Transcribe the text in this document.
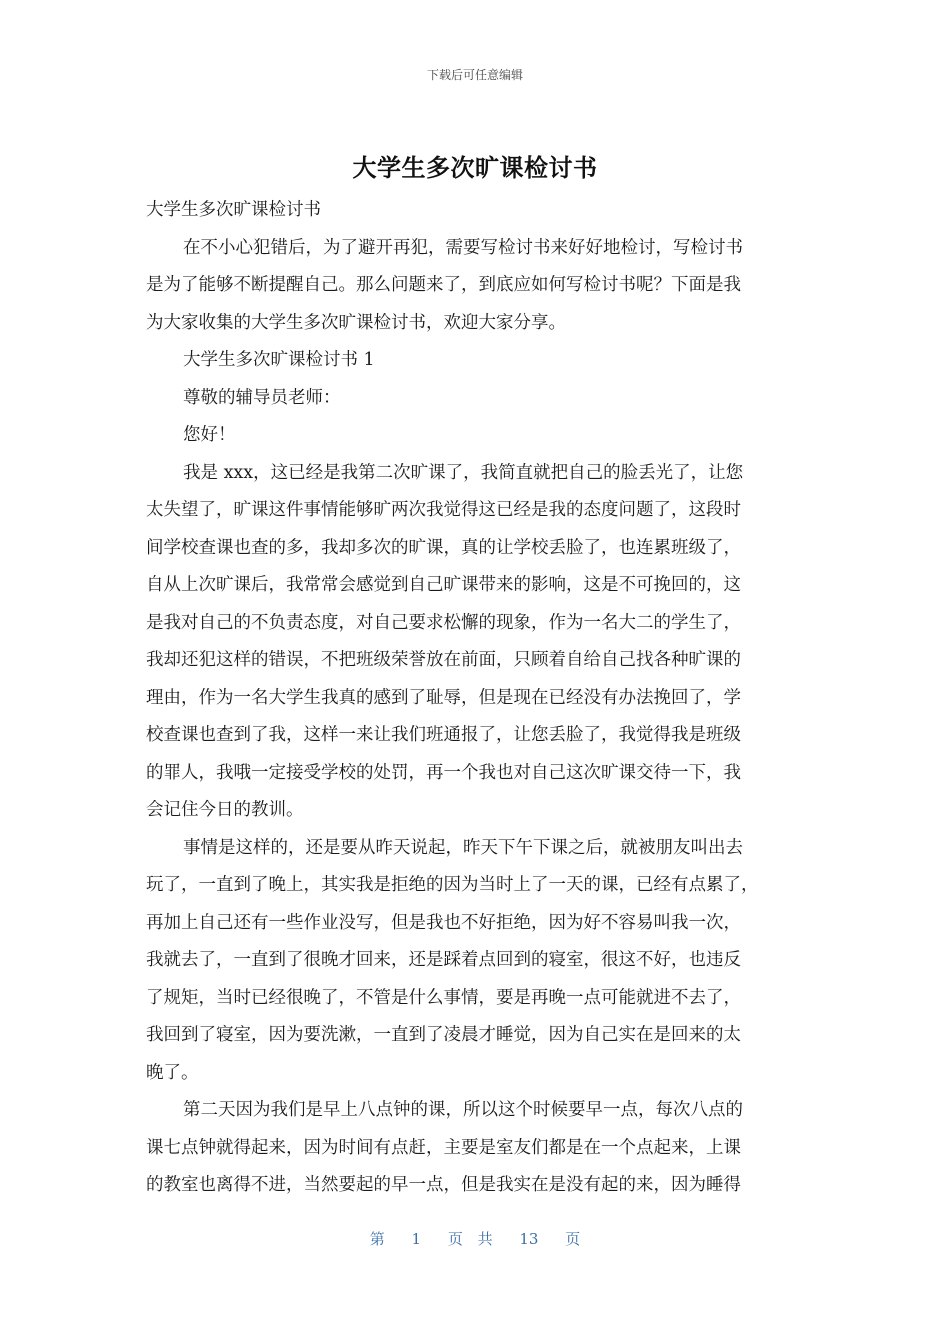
下载后可任意编辑
大学生多次旷课检讨书
大学生多次旷课检讨书
在不小心犯错后，为了避开再犯，需要写检讨书来好好地检讨，写检讨书
是为了能够不断提醒自己。那么问题来了，到底应如何写检讨书呢？下面是我
为大家收集的大学生多次旷课检讨书，欢迎大家分享。
大学生多次旷课检讨书 1
尊敬的辅导员老师：
您好！
我是 xxx，这已经是我第二次旷课了，我简直就把自己的脸丢光了，让您
太失望了，旷课这件事情能够旷两次我觉得这已经是我的态度问题了，这段时
间学校查课也查的多，我却多次的旷课，真的让学校丢脸了，也连累班级了，
自从上次旷课后，我常常会感觉到自己旷课带来的影响，这是不可挽回的，这
是我对自己的不负责态度，对自己要求松懈的现象，作为一名大二的学生了，
我却还犯这样的错误，不把班级荣誉放在前面，只顾着自给自己找各种旷课的
理由，作为一名大学生我真的感到了耻辱，但是现在已经没有办法挽回了，学
校查课也查到了我，这样一来让我们班通报了，让您丢脸了，我觉得我是班级
的罪人，我哦一定接受学校的处罚，再一个我也对自己这次旷课交待一下，我
会记住今日的教训。
事情是这样的，还是要从昨天说起，昨天下午下课之后，就被朋友叫出去
玩了，一直到了晚上，其实我是拒绝的因为当时上了一天的课，已经有点累了，
再加上自己还有一些作业没写，但是我也不好拒绝，因为好不容易叫我一次，
我就去了，一直到了很晚才回来，还是踩着点回到的寝室，很这不好，也违反
了规矩，当时已经很晚了，不管是什么事情，要是再晚一点可能就进不去了，
我回到了寝室，因为要洗漱，一直到了凌晨才睡觉，因为自己实在是回来的太
晚了。
第二天因为我们是早上八点钟的课，所以这个时候要早一点，每次八点的
课七点钟就得起来，因为时间有点赶，主要是室友们都是在一个点起来，上课
的教室也离得不进，当然要起的早一点，但是我实在是没有起的来，因为睡得
第 1 页 共 13 页
